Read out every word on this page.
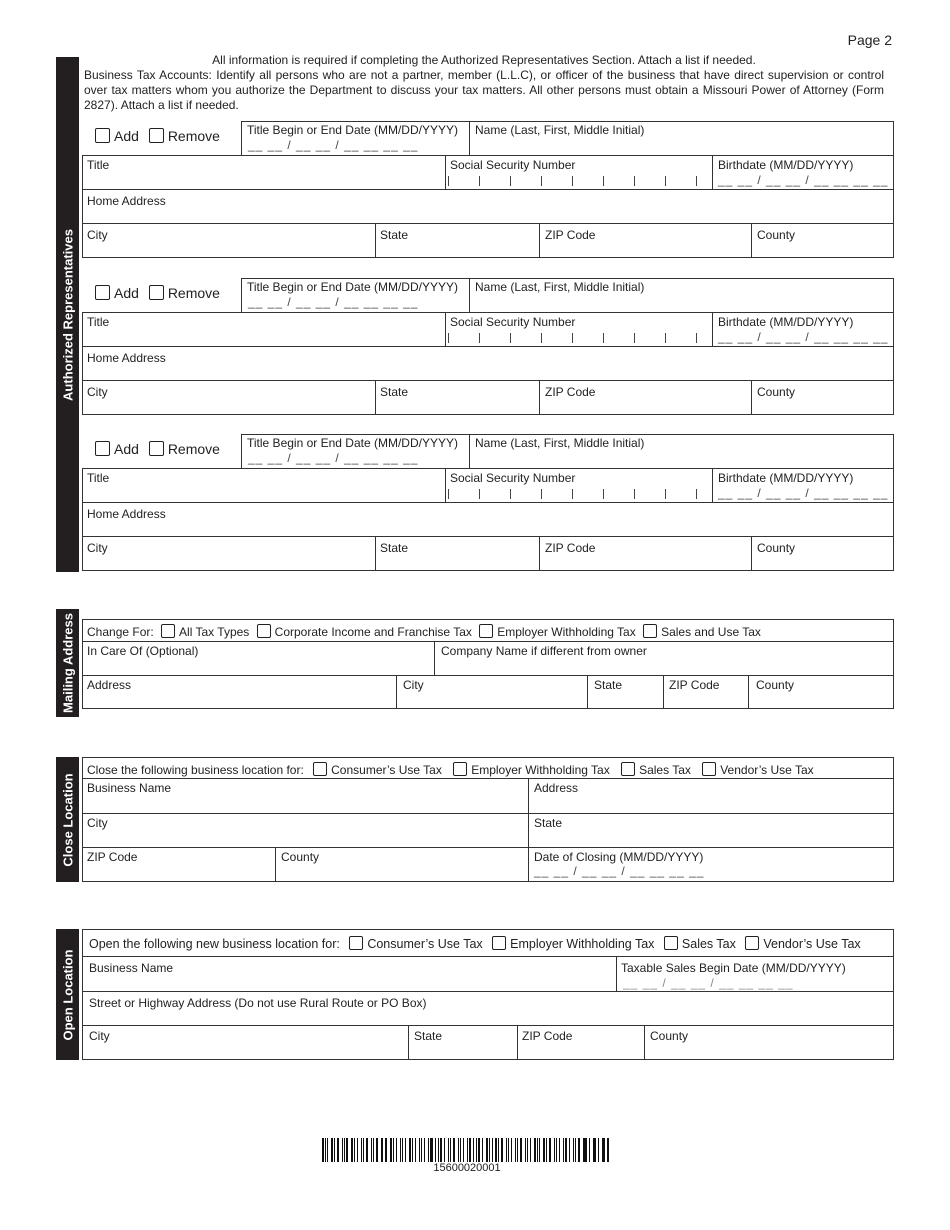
Page 2
All information is required if completing the Authorized Representatives Section. Attach a list if needed.
Business Tax Accounts: Identify all persons who are not a partner, member (L.L.C), or officer of the business that have direct supervision or control over tax matters whom you authorize the Department to discuss your tax matters. All other persons must obtain a Missouri Power of Attorney (Form 2827). Attach a list if needed.
Authorized Representatives
Add Remove Title Begin or End Date (MM/DD/YYYY)
__ __ / __ __ / __ __ __ __
Name (Last, First, Middle Initial)
Title	Social Security Number	Birthdate (MM/DD/YYYY)
__ __ / __ __ / __ __ __ __
Home Address
City	State	ZIP Code	County
Add Remove Title Begin or End Date (MM/DD/YYYY)
__ __ / __ __ / __ __ __ __
Name (Last, First, Middle Initial)
Title	Social Security Number	Birthdate (MM/DD/YYYY)
__ __ / __ __ / __ __ __ __
Home Address
City	State	ZIP Code	County
Add Remove Title Begin or End Date (MM/DD/YYYY)
__ __ / __ __ / __ __ __ __
Name (Last, First, Middle Initial)
Title	Social Security Number	Birthdate (MM/DD/YYYY)
__ __ / __ __ / __ __ __ __
Home Address
City	State	ZIP Code	County
Mailing Address Change For: All Tax Types Corporate Income and Franchise Tax Employer Withholding Tax Sales and Use Tax
In Care Of (Optional)	Company Name if different from owner
Address	City	State	ZIP Code	County
Close Location
Close the following business location for: Consumer’s Use Tax Employer Withholding Tax Sales Tax Vendor’s Use Tax
Business Name	Address
City	State
ZIP Code	County	Date of Closing (MM/DD/YYYY)
__ __ / __ __ / __ __ __ __
Open Location
Open the following new business location for: Consumer’s Use Tax Employer Withholding Tax Sales Tax Vendor’s Use Tax
Business Name	Taxable Sales Begin Date (MM/DD/YYYY)
__ __ / __ __ / __ __ __ __
Street or Highway Address (Do not use Rural Route or PO Box)
City	State	ZIP Code	County
15600020001
